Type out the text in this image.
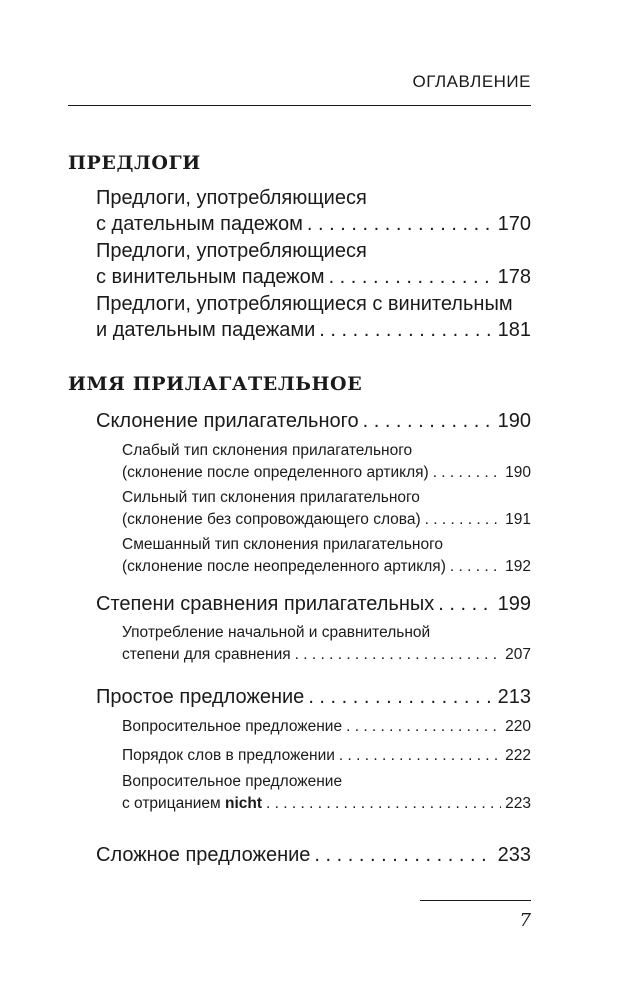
ОГЛАВЛЕНИЕ
ПРЕДЛОГИ
Предлоги, употребляющиеся
с дательным падежом . . .	170
Предлоги, употребляющиеся
с винительным падежом . . .	178
Предлоги, употребляющиеся с винительным
и дательным падежами . . .	181
ИМЯ ПРИЛАГАТЕЛЬНОЕ
Склонение прилагательного . . .	190
Слабый тип склонения прилагательного
(склонение после определенного артикля) . . .	190
Сильный тип склонения прилагательного
(склонение без сопровождающего слова) . . .	191
Смешанный тип склонения прилагательного
(склонение после неопределенного артикля) . . .	192
Степени сравнения прилагательных . . .	199
Употребление начальной и сравнительной
степени для сравнения . . .	207
Простое предложение . . .	213
Вопросительное предложение . . .	220
Порядок слов в предложении . . .	222
Вопросительное предложение
с отрицанием nicht . . .	223
Сложное предложение . . .	233
7
